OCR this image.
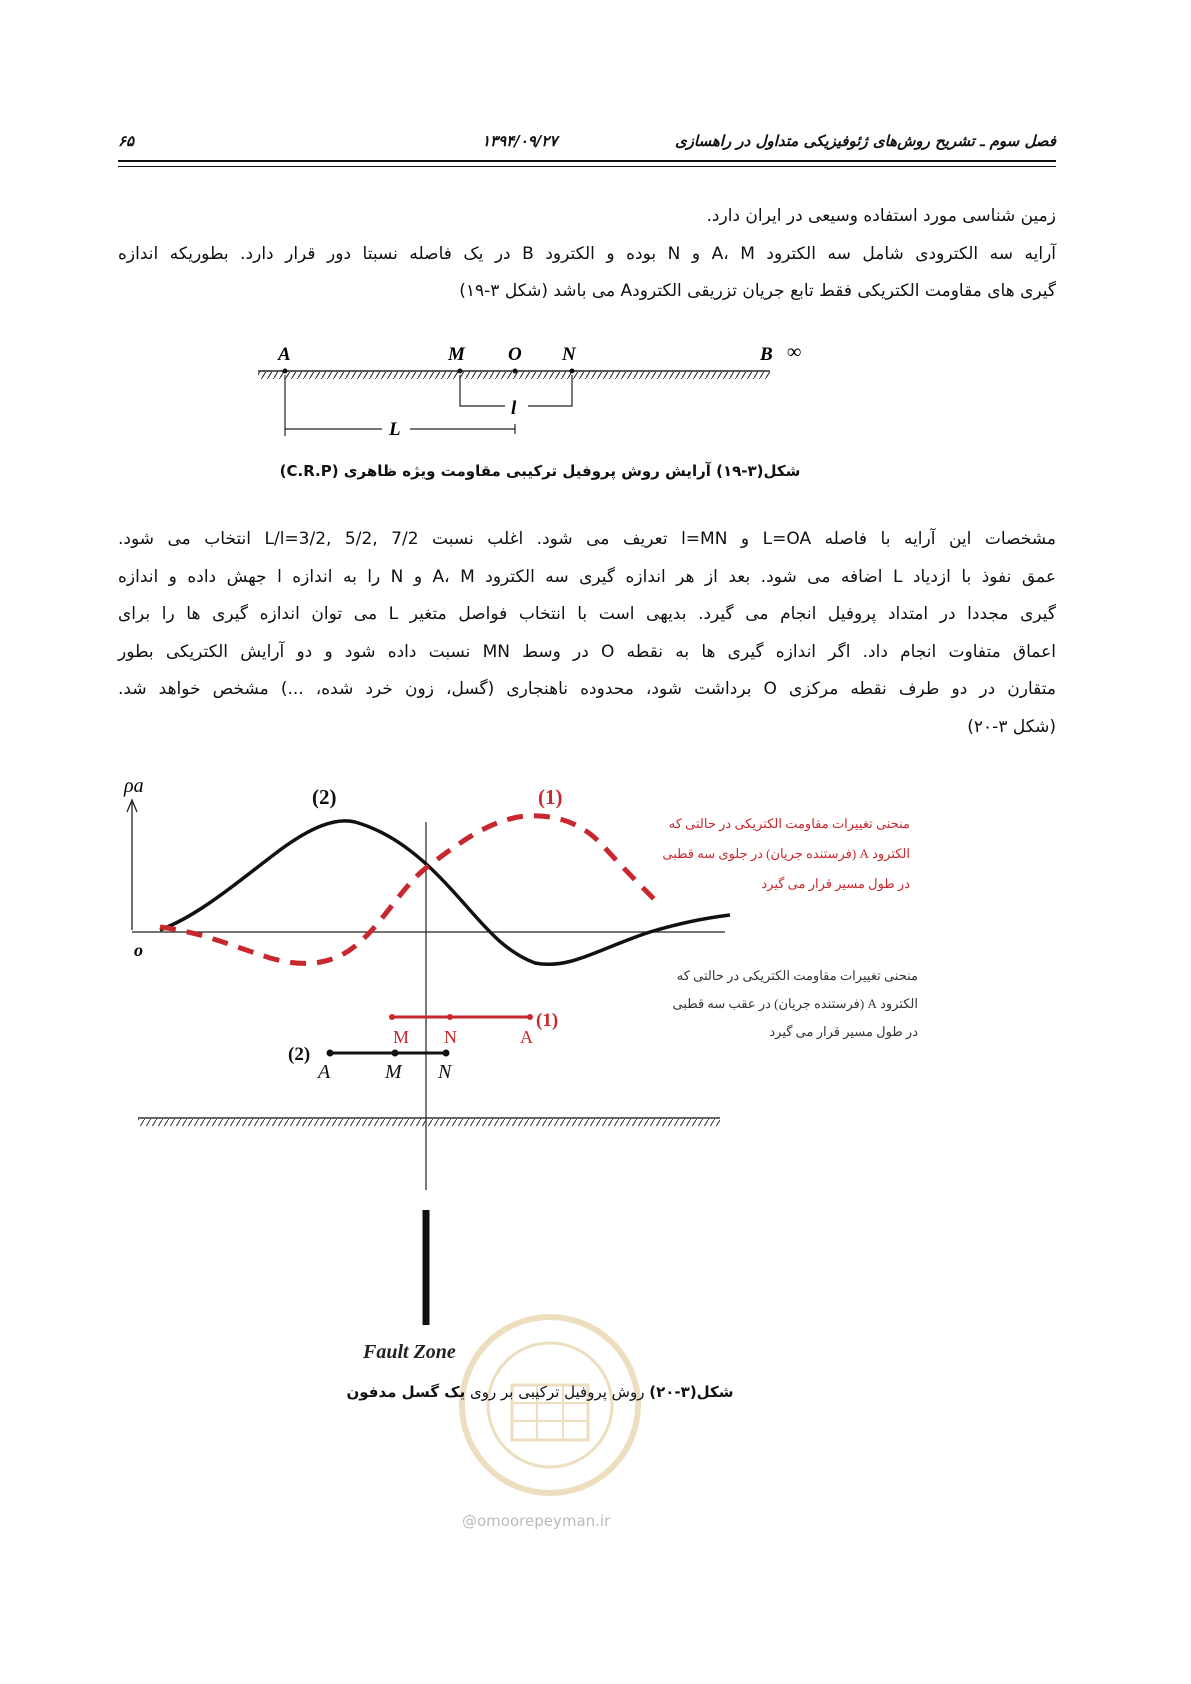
۶۵	۱۳۹۴/۰۹/۲۷	فصل سوم ـ تشریح روش‌های ژئوفیزیکی متداول در راهسازی
زمین شناسی مورد استفاده وسیعی در ایران دارد.
آرایه سه الکترودی شامل سه الکترود A، M و N بوده و الکترود B در یک فاصله نسبتا دور قرار دارد. بطوریکه اندازه
گیری های مقاومت الکتریکی فقط تابع جریان تزریقی الکترودA می باشد (شکل ۳-۱۹)
A	M O N	B ∞
l
L
شکل(۳-۱۹) آرایش روش پروفیل ترکیبی مقاومت ویژه ظاهری (C.R.P)
مشخصات این آرایه با فاصله L=OA و l=MN تعریف می شود. اغلب نسبت L/l=3/2, 5/2, 7/2 انتخاب می شود.
عمق نفوذ با ازدیاد L اضافه می شود. بعد از هر اندازه گیری سه الکترود A، M و N را به اندازه l جهش داده و اندازه
گیری مجددا در امتداد پروفیل انجام می گیرد. بدیهی است با انتخاب فواصل متغیر L می توان اندازه گیری ها را برای
اعماق متفاوت انجام داد. اگر اندازه گیری ها به نقطه O در وسط MN نسبت داده شود و دو آرایش الکتریکی بطور
متقارن در دو طرف نقطه مرکزی O برداشت شود، محدوده ناهنجاری (گسل، زون خرد شده، ...) مشخص خواهد شد.
(شکل ۳-۲۰)
ρa
o
(2)	(1)
منحنی تغییرات مقاومت الکتریکی در حالتی که
الکترود A (فرستنده جریان) در جلوی سه قطبی
در طول مسیر قرار می گیرد
منحنی تغییرات مقاومت الکتریکی در حالتی که
الکترود A (فرستنده جریان) در عقب سه قطبی
در طول مسیر قرار می گیرد
M N	A
(1)
(2)
A	M N
Fault Zone
شکل(۳-۲۰) روش پروفیل ترکیبی بر روی یک گسل مدفون
@omoorepeyman.ir
